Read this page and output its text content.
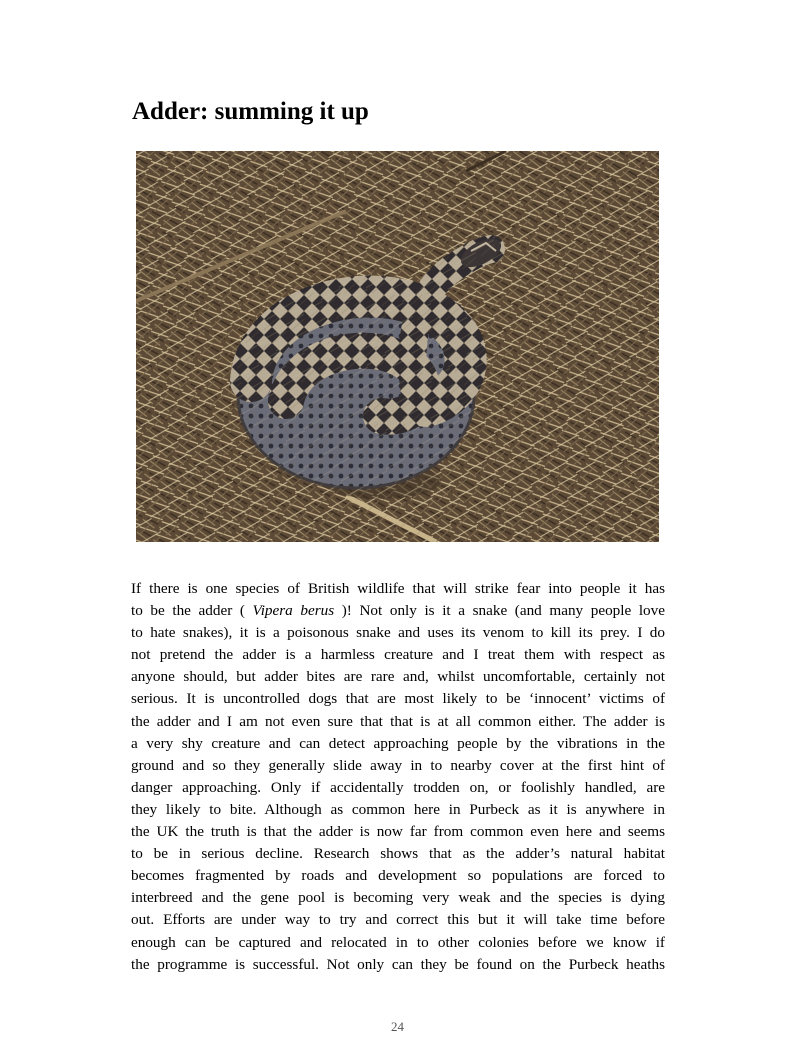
Adder: summing it up
If there is one species of British wildlife that will strike fear into people it has
to be the adder ( Vipera berus )! Not only is it a snake (and many people love
to hate snakes), it is a poisonous snake and uses its venom to kill its prey. I do
not pretend the adder is a harmless creature and I treat them with respect as
anyone should, but adder bites are rare and, whilst uncomfortable, certainly not
serious. It is uncontrolled dogs that are most likely to be ‘innocent’ victims of
the adder and I am not even sure that that is at all common either. The adder is
a very shy creature and can detect approaching people by the vibrations in the
ground and so they generally slide away in to nearby cover at the first hint of
danger approaching. Only if accidentally trodden on, or foolishly handled, are
they likely to bite. Although as common here in Purbeck as it is anywhere in
the UK the truth is that the adder is now far from common even here and seems
to be in serious decline. Research shows that as the adder’s natural habitat
becomes fragmented by roads and development so populations are forced to
interbreed and the gene pool is becoming very weak and the species is dying
out. Efforts are under way to try and correct this but it will take time before
enough can be captured and relocated in to other colonies before we know if
the programme is successful. Not only can they be found on the Purbeck heaths
24
